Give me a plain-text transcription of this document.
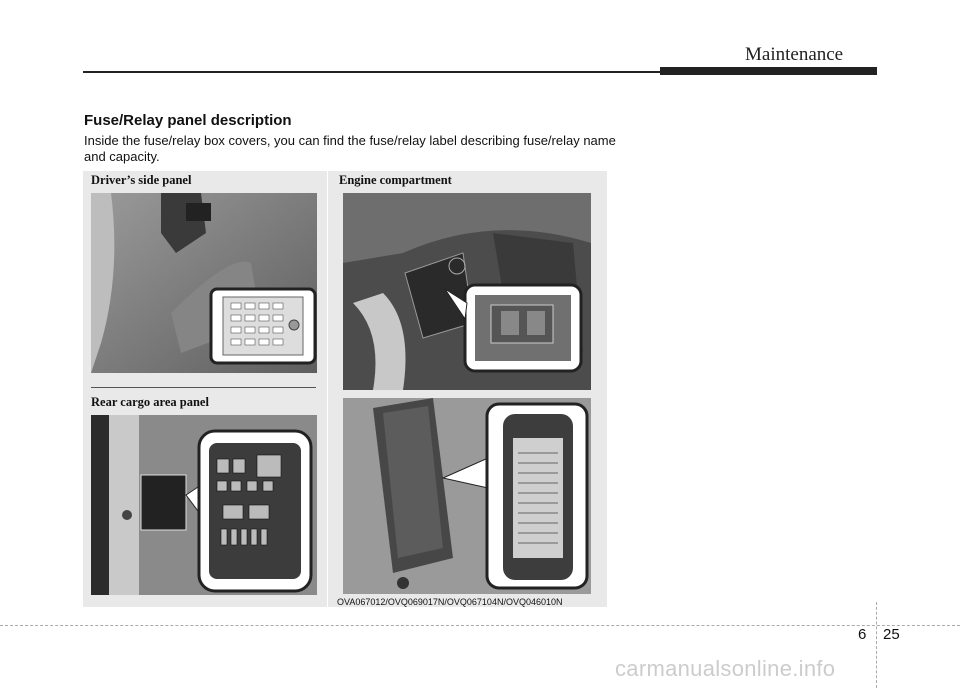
Maintenance
Fuse/Relay panel description
Inside the fuse/relay box covers, you can find the fuse/relay label describing fuse/relay name and capacity.
Driver’s side panel
Rear cargo area panel
Engine compartment
OVA067012/OVQ069017N/OVQ067104N/OVQ046010N
6 25
carmanualsonline.info
